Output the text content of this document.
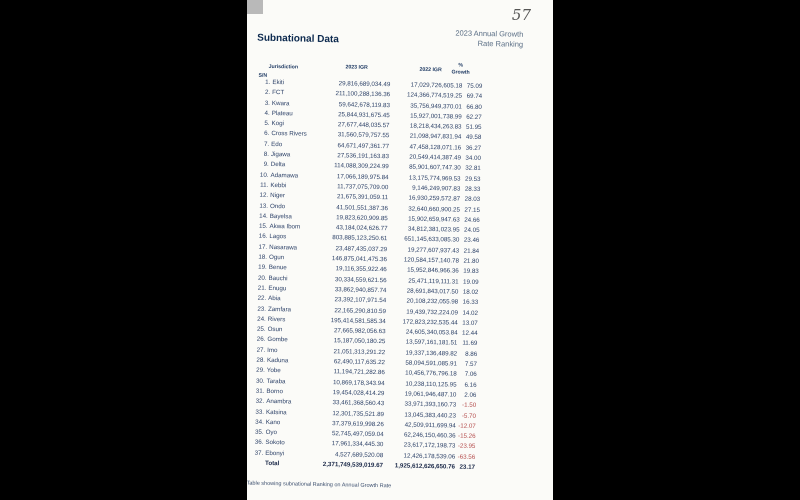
57
Subnational Data	2023 Annual Growth Rate Ranking
S/N
Jurisdiction	2023 IGR	2022 IGR
% Growth
1. Ekiti	29,816,689,034.49	17,029,726,605.18 75.09
2. FCT	211,100,288,136.36	124,366,774,519.25 69.74
3. Kwara	59,642,678,119.83	35,756,949,370.01 66.80
4. Plateau	25,844,931,675.45	15,927,001,738.99 62.27
5. Kogi	27,677,448,035.57	18,218,434,263.83 51.95
6. Cross Rivers	31,560,579,757.55	21,098,947,831.94 49.58
7. Edo	64,671,497,361.77	47,458,128,071.16 36.27
8. Jigawa	27,536,191,163.83	20,549,414,387.49 34.00
9. Delta	114,088,309,224.99	85,901,607,747.30 32.81
10. Adamawa	17,066,189,975.84	13,175,774,969.53 29.53
11. Kebbi	11,737,075,709.00	9,146,249,907.83 28.33
12. Niger	21,675,391,059.11	16,930,259,572.87 28.03
13. Ondo	41,501,551,387.36	32,640,660,900.25 27.15
14. Bayelsa	19,823,620,909.85	15,902,659,947.63 24.66
15. Akwa Ibom	43,184,024,626.77	34,812,381,023.95 24.05
16. Lagos	803,885,123,250.61	651,145,633,085.30 23.46
17. Nasarawa	23,487,435,037.29	19,277,607,937.43 21.84
18. Ogun	146,875,041,475.36	120,584,157,140.78 21.80
19. Benue	19,116,355,922.46	15,952,846,966.36 19.83
20. Bauchi	30,334,559,621.56	25,471,119,111.31 19.09
21. Enugu	33,862,940,857.74	28,691,843,017.50 18.02
22. Abia	23,392,107,971.54	20,108,232,055.98 16.33
23. Zamfara	22,165,290,810.59	19,439,732,224.09 14.02
24. Rivers	195,414,581,585.34	172,823,232,535.44 13.07
25. Osun	27,665,982,056.63	24,605,340,053.84 12.44
26. Gombe	15,187,050,180.25	13,597,161,181.51 11.69
27. Imo	21,051,313,291.22	19,337,136,489.82	8.86
28. Kaduna	62,490,117,635.22	58,094,591,085.91	7.57
29. Yobe	11,194,721,282.86	10,456,776,796.18	7.06
30. Taraba	10,869,178,343.94	10,238,110,125.95	6.16
31. Borno	19,454,028,414.29	19,061,946,487.10	2.06
32. Anambra	33,461,368,560.43	33,971,393,160.73 -1.50
33. Katsina	12,301,735,521.89	13,045,383,440.23 -5.70
34. Kano	37,379,619,998.26	42,509,911,699.94 -12.07
35. Oyo	52,745,497,059.04	62,246,150,460.36 -15.26
36. Sokoto	17,961,334,445.30	23,617,172,198.73 -23.95
37. Ebonyi	4,527,689,520.08	12,426,178,539.06 -63.56
Total	2,371,749,539,019.67	1,925,612,626,650.76 23.17
Table showing subnational Ranking on Annual Growth Rate
